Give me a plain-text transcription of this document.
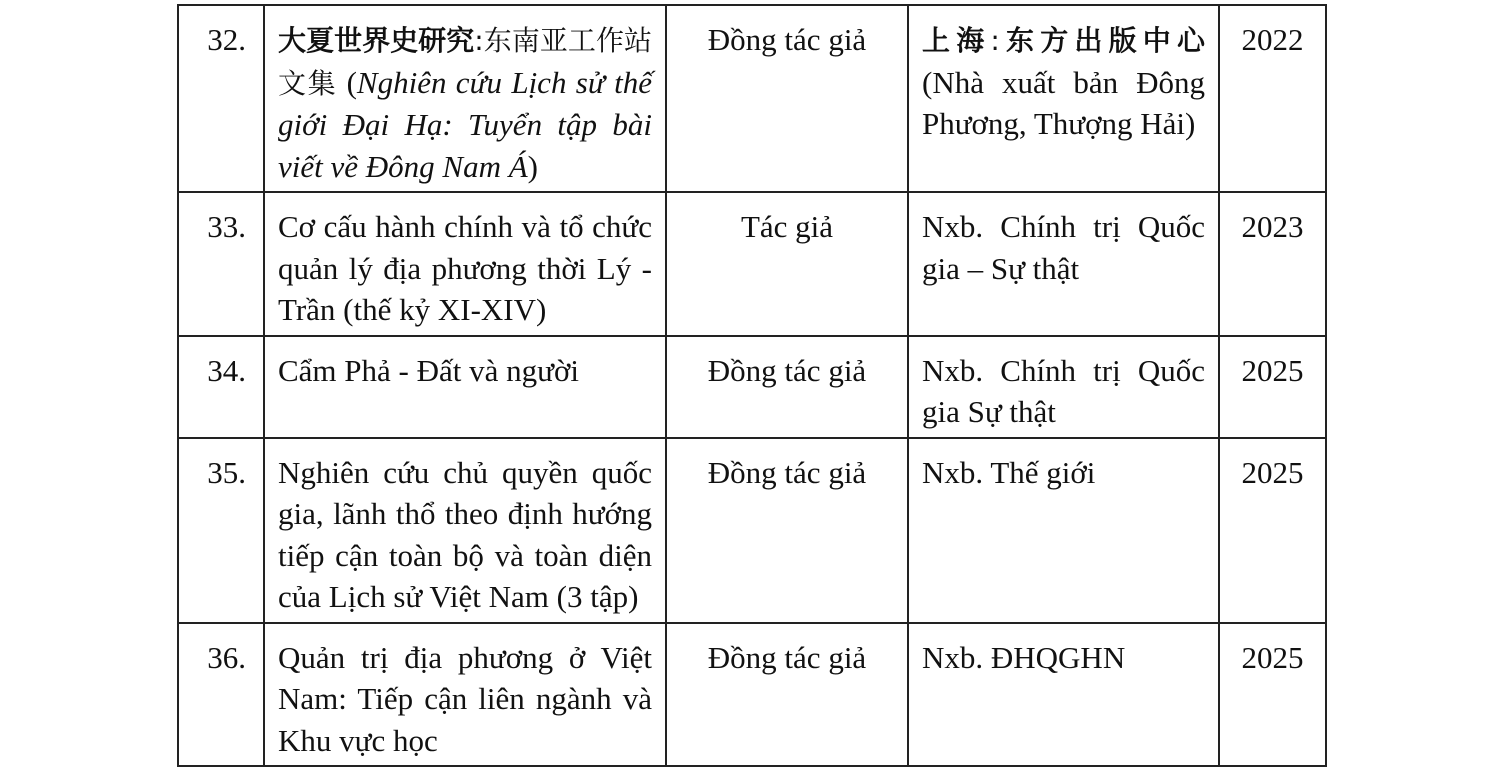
32.	大夏世界史研究:东南亚工作站文集 (Nghiên cứu Lịch sử thế giới Đại Hạ: Tuyển tập bài viết về Đông Nam Á)	Đồng tác giả	上海:东方出版中心 (Nhà xuất bản Đông Phương, Thượng Hải)	2022
33.	Cơ cấu hành chính và tổ chức quản lý địa phương thời Lý - Trần (thế kỷ XI-XIV)	Tác giả	Nxb. Chính trị Quốc gia – Sự thật	2023
34.	Cẩm Phả - Đất và người	Đồng tác giả	Nxb. Chính trị Quốc gia Sự thật	2025
35.	Nghiên cứu chủ quyền quốc gia, lãnh thổ theo định hướng tiếp cận toàn bộ và toàn diện của Lịch sử Việt Nam (3 tập)	Đồng tác giả	Nxb. Thế giới	2025
36.	Quản trị địa phương ở Việt Nam: Tiếp cận liên ngành và Khu vực học	Đồng tác giả	Nxb. ĐHQGHN	2025
